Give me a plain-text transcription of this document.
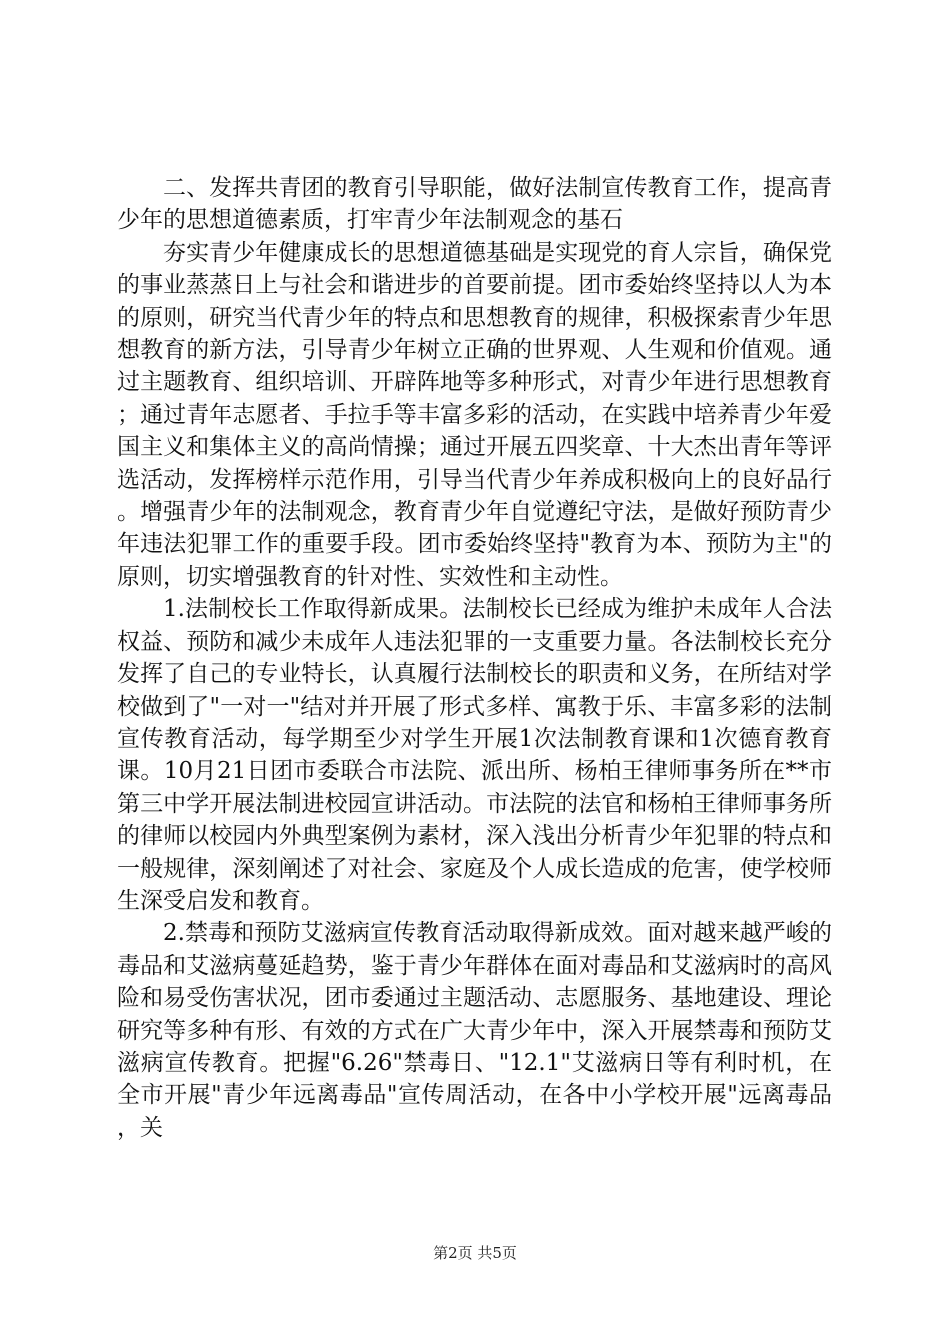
二、发挥共青团的教育引导职能，做好法制宣传教育工作，提高青少年的思想道德素质，打牢青少年法制观念的基石

夯实青少年健康成长的思想道德基础是实现党的育人宗旨，确保党的事业蒸蒸日上与社会和谐进步的首要前提。团市委始终坚持以人为本的原则，研究当代青少年的特点和思想教育的规律，积极探索青少年思想教育的新方法，引导青少年树立正确的世界观、人生观和价值观。通过主题教育、组织培训、开辟阵地等多种形式，对青少年进行思想教育；通过青年志愿者、手拉手等丰富多彩的活动，在实践中培养青少年爱国主义和集体主义的高尚情操；通过开展五四奖章、十大杰出青年等评选活动，发挥榜样示范作用，引导当代青少年养成积极向上的良好品行。增强青少年的法制观念，教育青少年自觉遵纪守法，是做好预防青少年违法犯罪工作的重要手段。团市委始终坚持"教育为本、预防为主"的原则，切实增强教育的针对性、实效性和主动性。

1.法制校长工作取得新成果。法制校长已经成为维护未成年人合法权益、预防和减少未成年人违法犯罪的一支重要力量。各法制校长充分发挥了自己的专业特长，认真履行法制校长的职责和义务，在所结对学校做到了"一对一"结对并开展了形式多样、寓教于乐、丰富多彩的法制宣传教育活动，每学期至少对学生开展1次法制教育课和1次德育教育课。10月21日团市委联合市法院、派出所、杨柏王律师事务所在**市第三中学开展法制进校园宣讲活动。市法院的法官和杨柏王律师事务所的律师以校园内外典型案例为素材，深入浅出分析青少年犯罪的特点和一般规律，深刻阐述了对社会、家庭及个人成长造成的危害，使学校师生深受启发和教育。

2.禁毒和预防艾滋病宣传教育活动取得新成效。面对越来越严峻的毒品和艾滋病蔓延趋势，鉴于青少年群体在面对毒品和艾滋病时的高风险和易受伤害状况，团市委通过主题活动、志愿服务、基地建设、理论研究等多种有形、有效的方式在广大青少年中，深入开展禁毒和预防艾滋病宣传教育。把握"6.26"禁毒日、"12.1"艾滋病日等有利时机，在全市开展"青少年远离毒品"宣传周活动，在各中小学校开展"远离毒品，关

第2页 共5页
